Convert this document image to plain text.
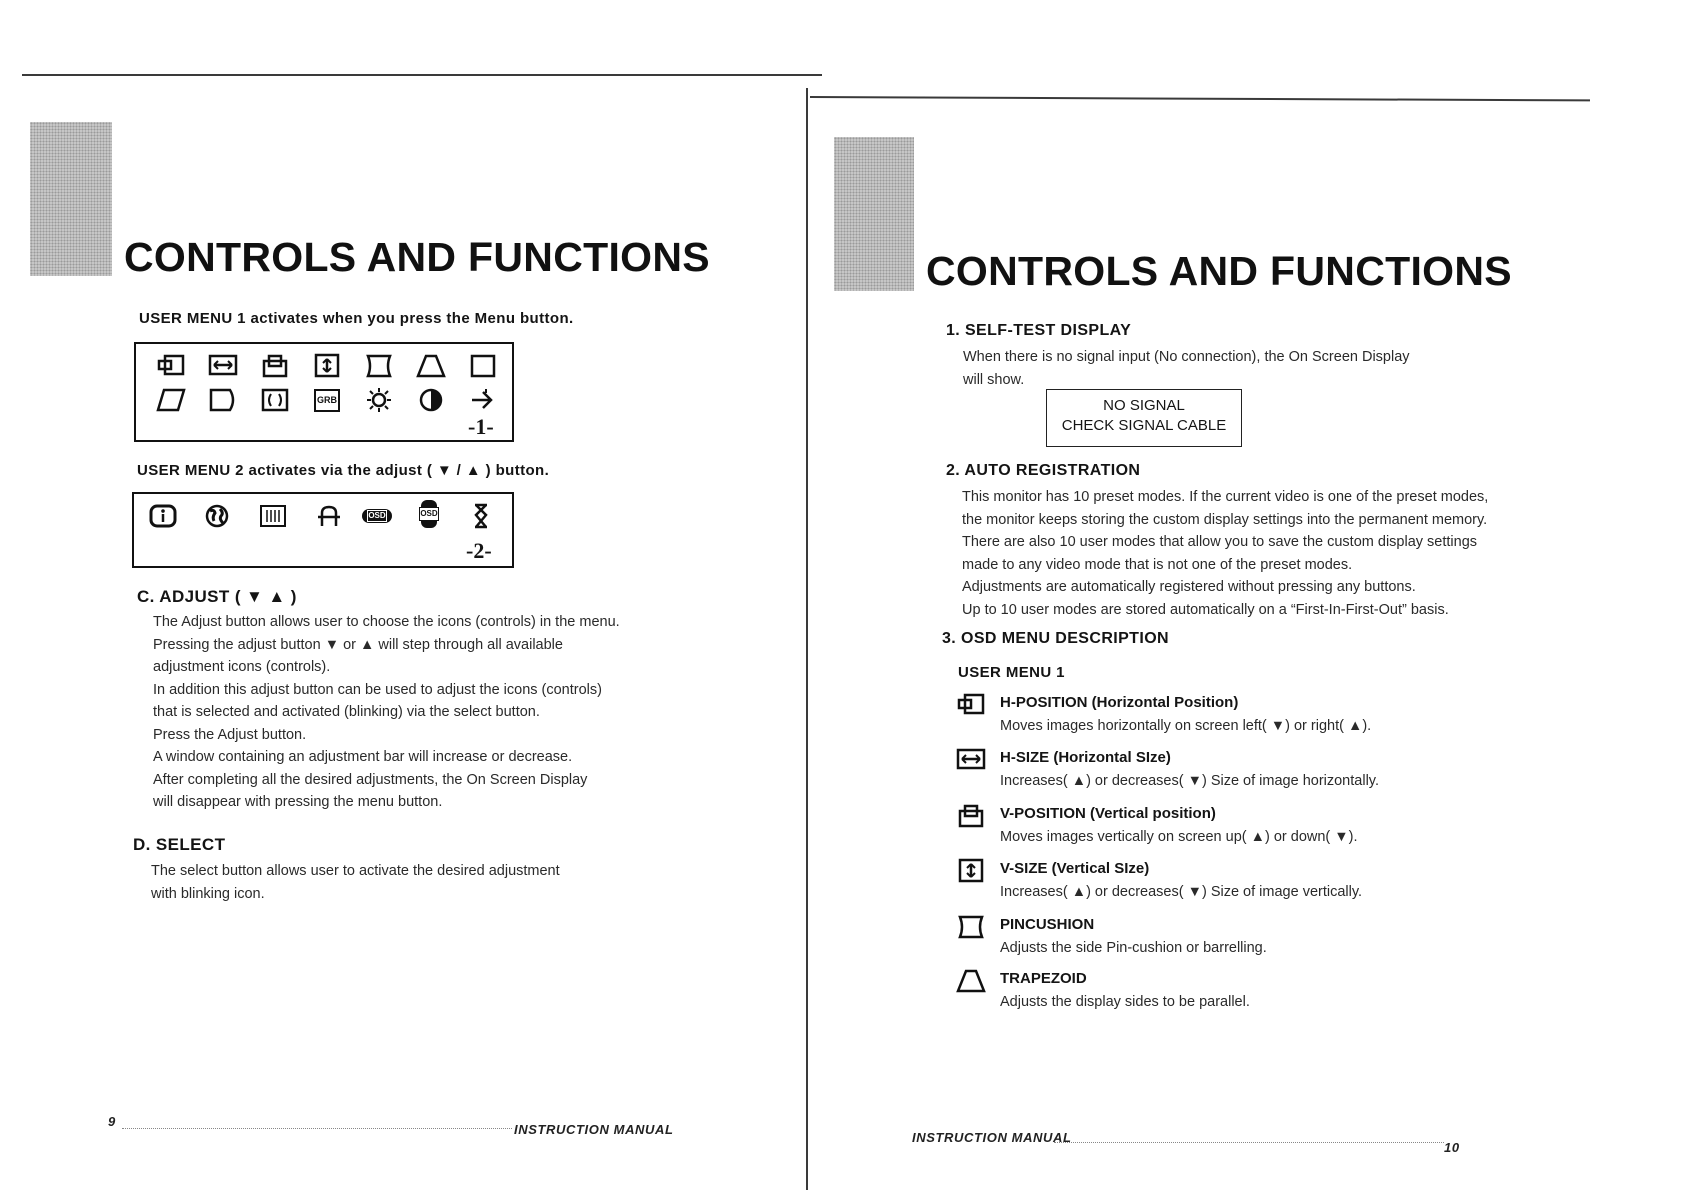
CONTROLS AND FUNCTIONS
USER MENU 1 activates when you press the Menu button.
GRB
-1-
USER MENU 2 activates via the adjust ( ▼ / ▲ ) button.
OSD	OSD
-2-
C. ADJUST ( ▼ ▲ )
The Adjust button allows user to choose the icons (controls) in the menu.
Pressing the adjust button ▼ or ▲ will step through all available
adjustment icons (controls).
In addition this adjust button can be used to adjust the icons (controls)
that is selected and activated (blinking) via the select button.
Press the Adjust button.
A window containing an adjustment bar will increase or decrease.
After completing all the desired adjustments, the On Screen Display
will disappear with pressing the menu button.
D. SELECT
The select button allows user to activate the desired adjustment
with blinking icon.
9
INSTRUCTION MANUAL
CONTROLS AND FUNCTIONS
1. SELF-TEST DISPLAY
When there is no signal input (No connection), the On Screen Display
will show.
NO SIGNAL
CHECK SIGNAL CABLE
2. AUTO REGISTRATION
This monitor has 10 preset modes. If the current video is one of the preset modes,
the monitor keeps storing the custom display settings into the permanent memory.
There are also 10 user modes that allow you to save the custom display settings
made to any video mode that is not one of the preset modes.
Adjustments are automatically registered without pressing any buttons.
Up to 10 user modes are stored automatically on a “First-In-First-Out” basis.
3. OSD MENU DESCRIPTION
USER MENU 1
H-POSITION (Horizontal Position)
Moves images horizontally on screen left( ▼) or right( ▲).
H-SIZE (Horizontal SIze)
Increases( ▲) or decreases( ▼) Size of image horizontally.
V-POSITION (Vertical position)
Moves images vertically on screen up( ▲) or down( ▼).
V-SIZE (Vertical SIze)
Increases( ▲) or decreases( ▼) Size of image vertically.
PINCUSHION
Adjusts the side Pin-cushion or barrelling.
TRAPEZOID
Adjusts the display sides to be parallel.
INSTRUCTION MANUAL
10
